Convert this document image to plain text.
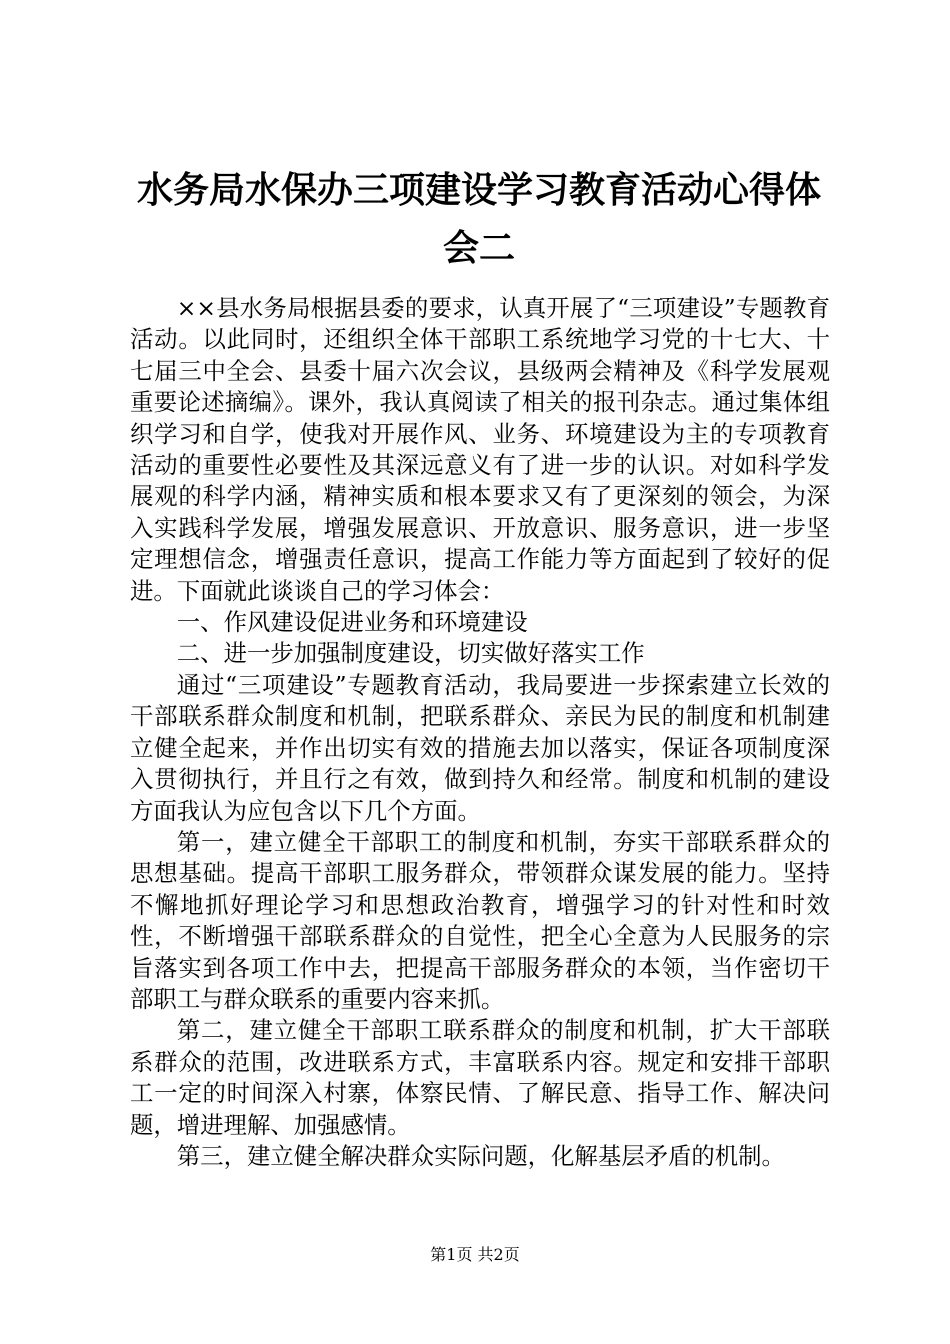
水务局水保办三项建设学习教育活动心得体会二

××县水务局根据县委的要求，认真开展了“三项建设”专题教育活动。以此同时，还组织全体干部职工系统地学习党的十七大、十七届三中全会、县委十届六次会议，县级两会精神及《科学发展观重要论述摘编》。课外，我认真阅读了相关的报刊杂志。通过集体组织学习和自学，使我对开展作风、业务、环境建设为主的专项教育活动的重要性必要性及其深远意义有了进一步的认识。对如科学发展观的科学内涵，精神实质和根本要求又有了更深刻的领会，为深入实践科学发展，增强发展意识、开放意识、服务意识，进一步坚定理想信念，增强责任意识，提高工作能力等方面起到了较好的促进。下面就此谈谈自己的学习体会：

一、作风建设促进业务和环境建设

二、进一步加强制度建设，切实做好落实工作

通过“三项建设”专题教育活动，我局要进一步探索建立长效的干部联系群众制度和机制，把联系群众、亲民为民的制度和机制建立健全起来，并作出切实有效的措施去加以落实，保证各项制度深入贯彻执行，并且行之有效，做到持久和经常。制度和机制的建设方面我认为应包含以下几个方面。

第一，建立健全干部职工的制度和机制，夯实干部联系群众的思想基础。提高干部职工服务群众，带领群众谋发展的能力。坚持不懈地抓好理论学习和思想政治教育，增强学习的针对性和时效性，不断增强干部联系群众的自觉性，把全心全意为人民服务的宗旨落实到各项工作中去，把提高干部服务群众的本领，当作密切干部职工与群众联系的重要内容来抓。

第二，建立健全干部职工联系群众的制度和机制，扩大干部联系群众的范围，改进联系方式，丰富联系内容。规定和安排干部职工一定的时间深入村寨，体察民情、了解民意、指导工作、解决问题，增进理解、加强感情。

第三，建立健全解决群众实际问题，化解基层矛盾的机制。

第1页 共2页
